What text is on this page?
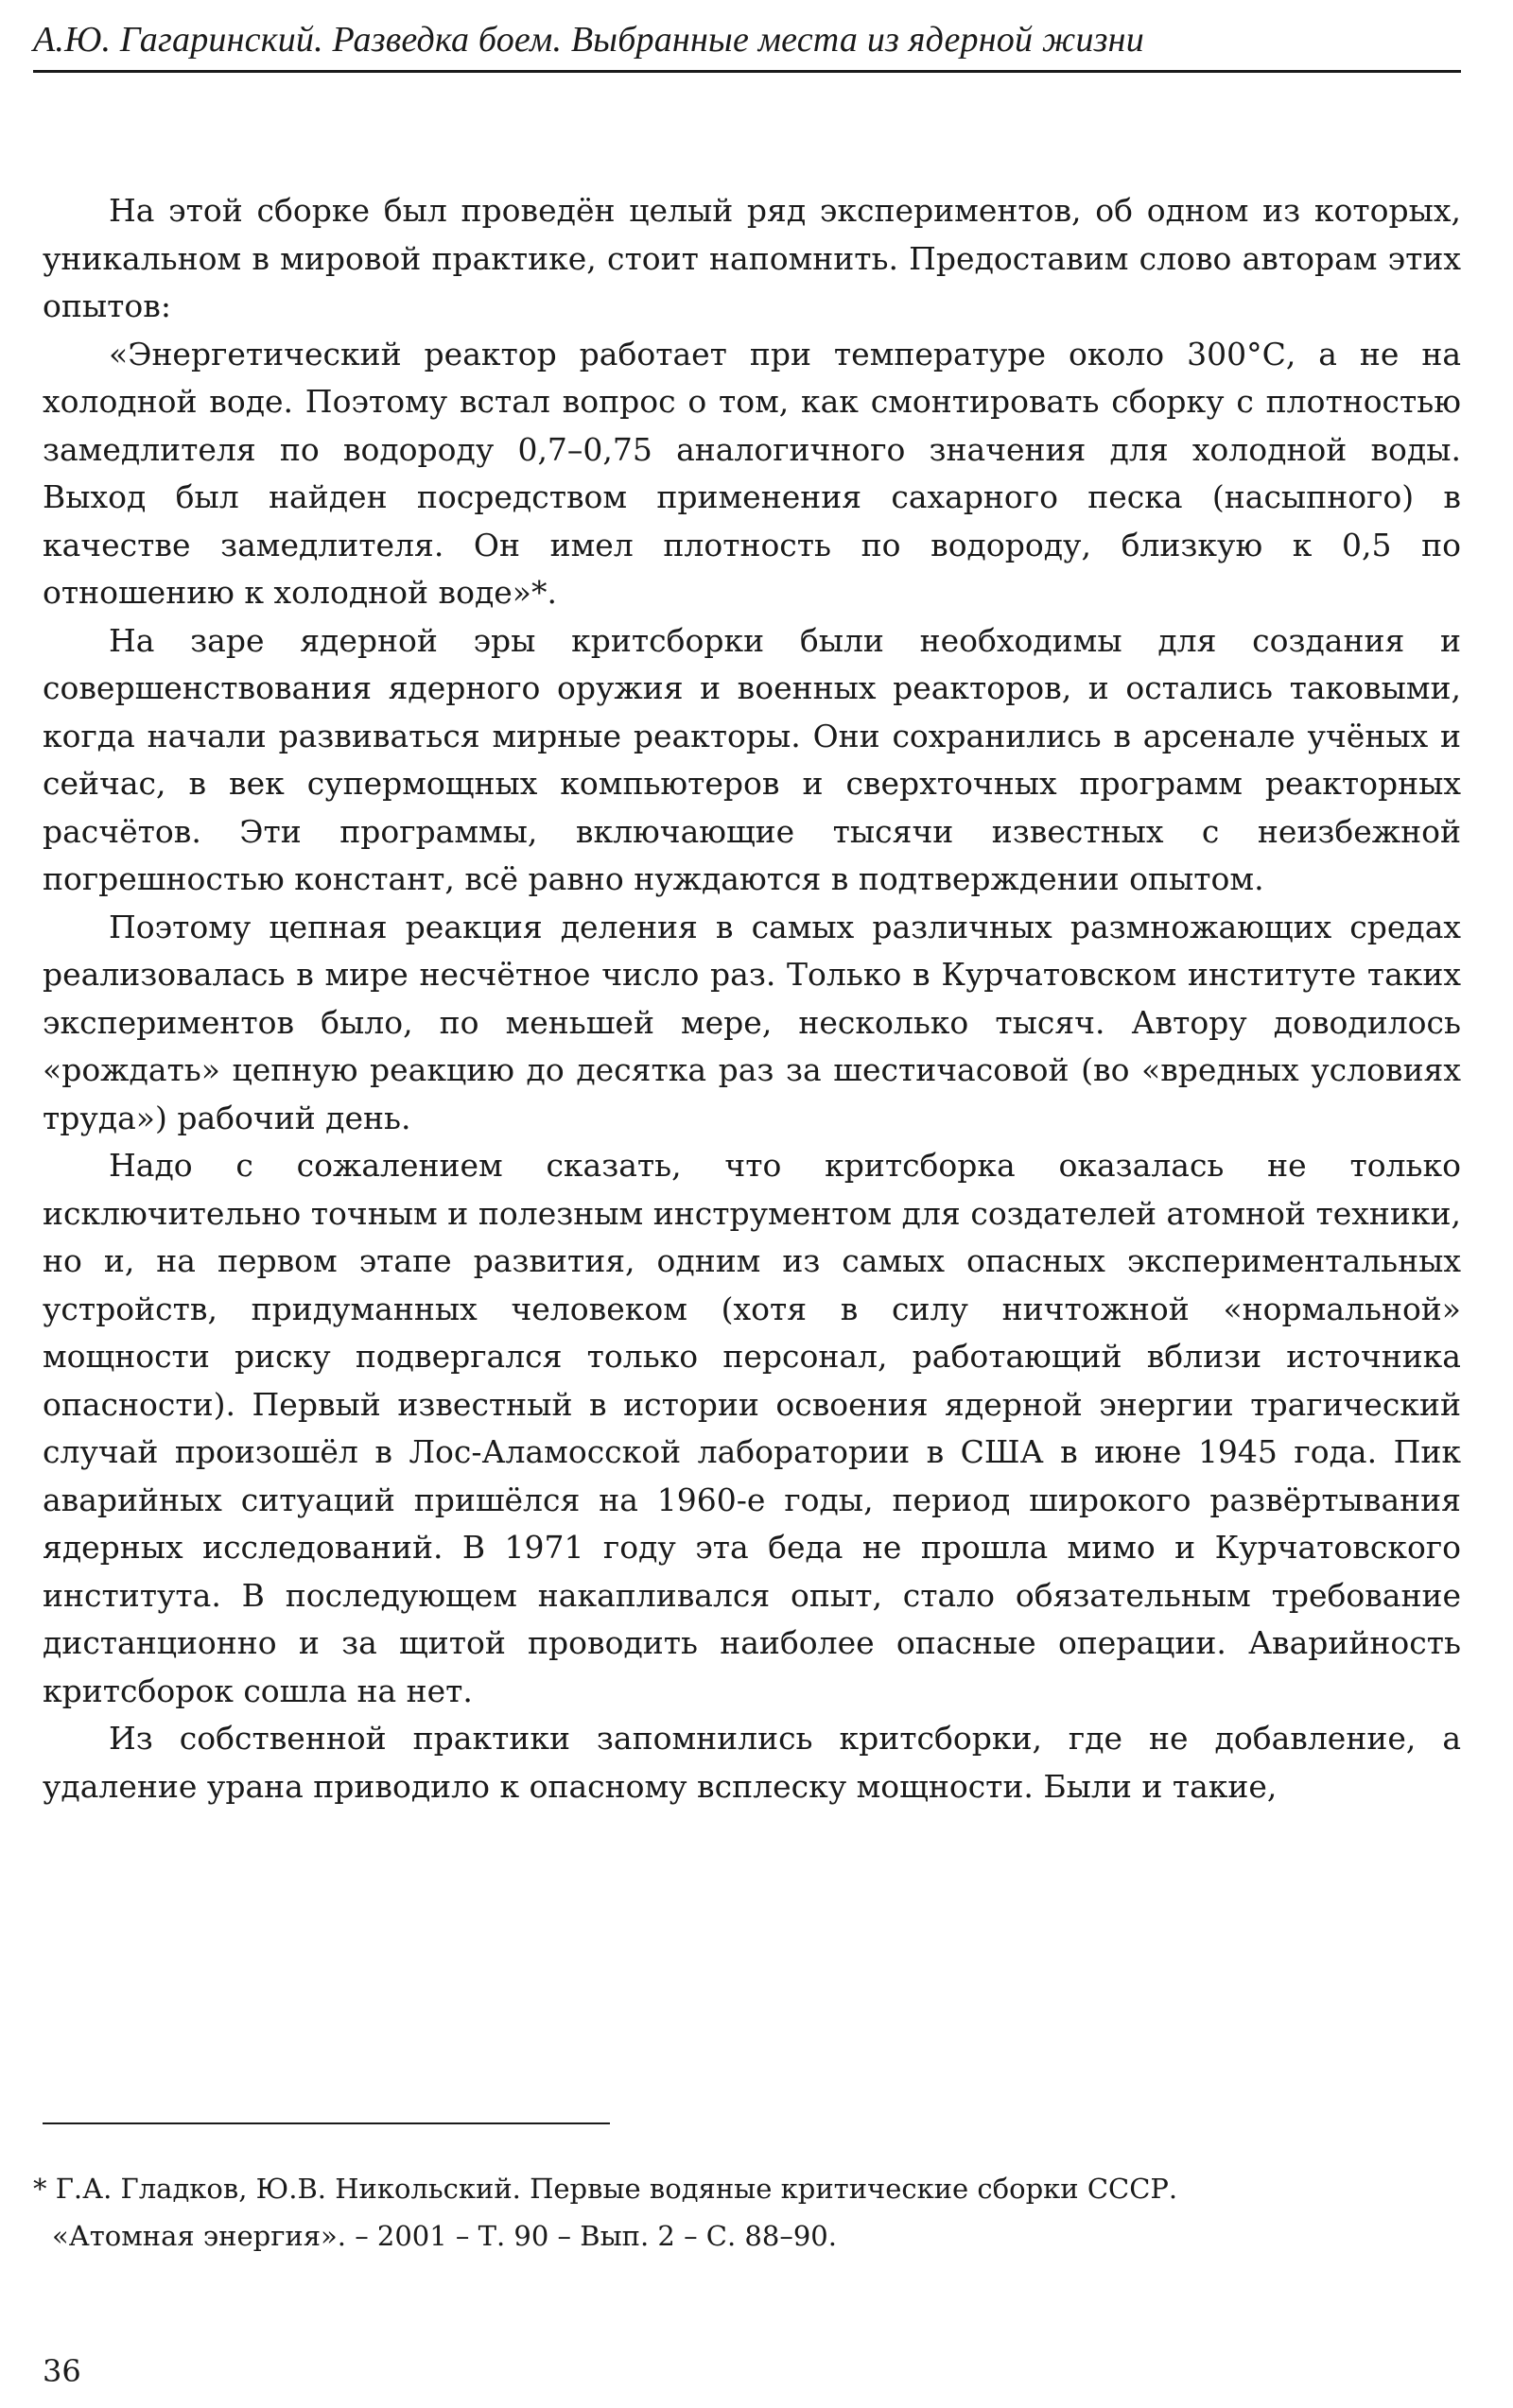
А.Ю. Гагаринский. Разведка боем. Выбранные места из ядерной жизни

На этой сборке был проведён целый ряд экспериментов, об одном из которых, уникальном в мировой практике, стоит напомнить. Предоставим слово авторам этих опытов:

«Энергетический реактор работает при температуре около 300°С, а не на холодной воде. Поэтому встал вопрос о том, как смонтировать сборку с плотностью замедлителя по водороду 0,7–0,75 аналогичного значения для холодной воды. Выход был найден посредством применения сахарного песка (насыпного) в качестве замедлителя. Он имел плотность по водороду, близкую к 0,5 по отношению к холодной воде»*.

На заре ядерной эры критсборки были необходимы для создания и совершенствования ядерного оружия и военных реакторов, и остались таковыми, когда начали развиваться мирные реакторы. Они сохранились в арсенале учёных и сейчас, в век супермощных компьютеров и сверхточных программ реакторных расчётов. Эти программы, включающие тысячи известных с неизбежной погрешностью констант, всё равно нуждаются в подтверждении опытом.

Поэтому цепная реакция деления в самых различных размножающих средах реализовалась в мире несчётное число раз. Только в Курчатовском институте таких экспериментов было, по меньшей мере, несколько тысяч. Автору доводилось «рождать» цепную реакцию до десятка раз за шестичасовой (во «вредных условиях труда») рабочий день.

Надо с сожалением сказать, что критсборка оказалась не только исключительно точным и полезным инструментом для создателей атомной техники, но и, на первом этапе развития, одним из самых опасных экспериментальных устройств, придуманных человеком (хотя в силу ничтожной «нормальной» мощности риску подвергался только персонал, работающий вблизи источника опасности). Первый известный в истории освоения ядерной энергии трагический случай произошёл в Лос-Аламосской лаборатории в США в июне 1945 года. Пик аварийных ситуаций пришёлся на 1960-е годы, период широкого развёртывания ядерных исследований. В 1971 году эта беда не прошла мимо и Курчатовского института. В последующем накапливался опыт, стало обязательным требование дистанционно и за щитой проводить наиболее опасные операции. Аварийность критсборок сошла на нет.

Из собственной практики запомнились критсборки, где не добавление, а удаление урана приводило к опасному всплеску мощности. Были и такие,

* Г.А. Гладков, Ю.В. Никольский. Первые водяные критические сборки СССР.
«Атомная энергия». – 2001 – Т. 90 – Вып. 2 – С. 88–90.
36
